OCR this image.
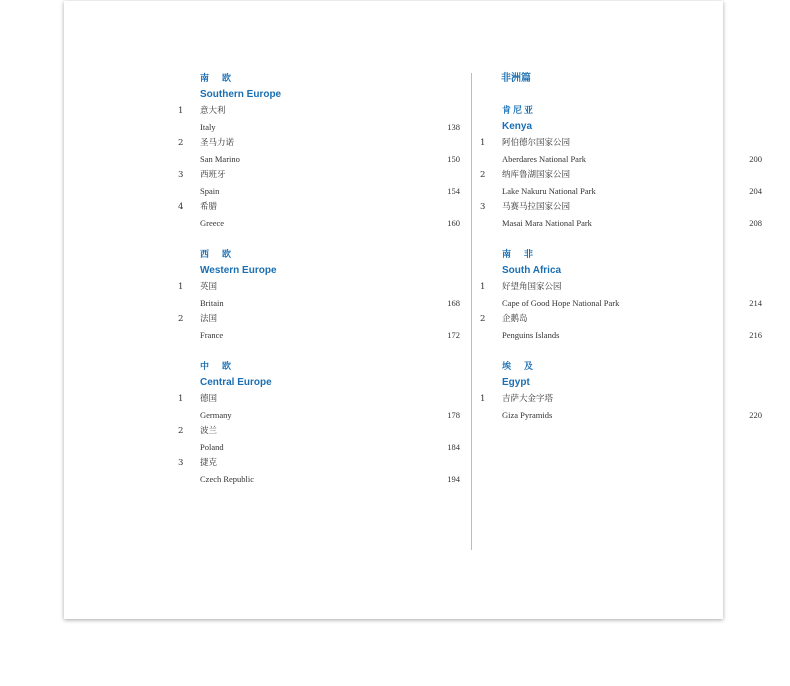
南　欧
Southern Europe
1	意大利
Italy	138
2	圣马力诺
San Marino	150
3	西班牙
Spain	154
4	希腊
Greece	160
西　欧
Western Europe
1	英国
Britain	168
2	法国
France	172
中　欧
Central Europe
1	德国
Germany	178
2	波兰
Poland	184
3	捷克
Czech Republic	194
非洲篇
肯尼亚
Kenya
1	阿伯德尔国家公园
Aberdares National Park	200
2	纳库鲁湖国家公园
Lake Nakuru National Park	204
3	马赛马拉国家公园
Masai Mara National Park	208
南　非
South Africa
1	好望角国家公园
Cape of Good Hope National Park	214
2	企鹅岛
Penguins Islands	216
埃　及
Egypt
1	吉萨大金字塔
Giza Pyramids	220
